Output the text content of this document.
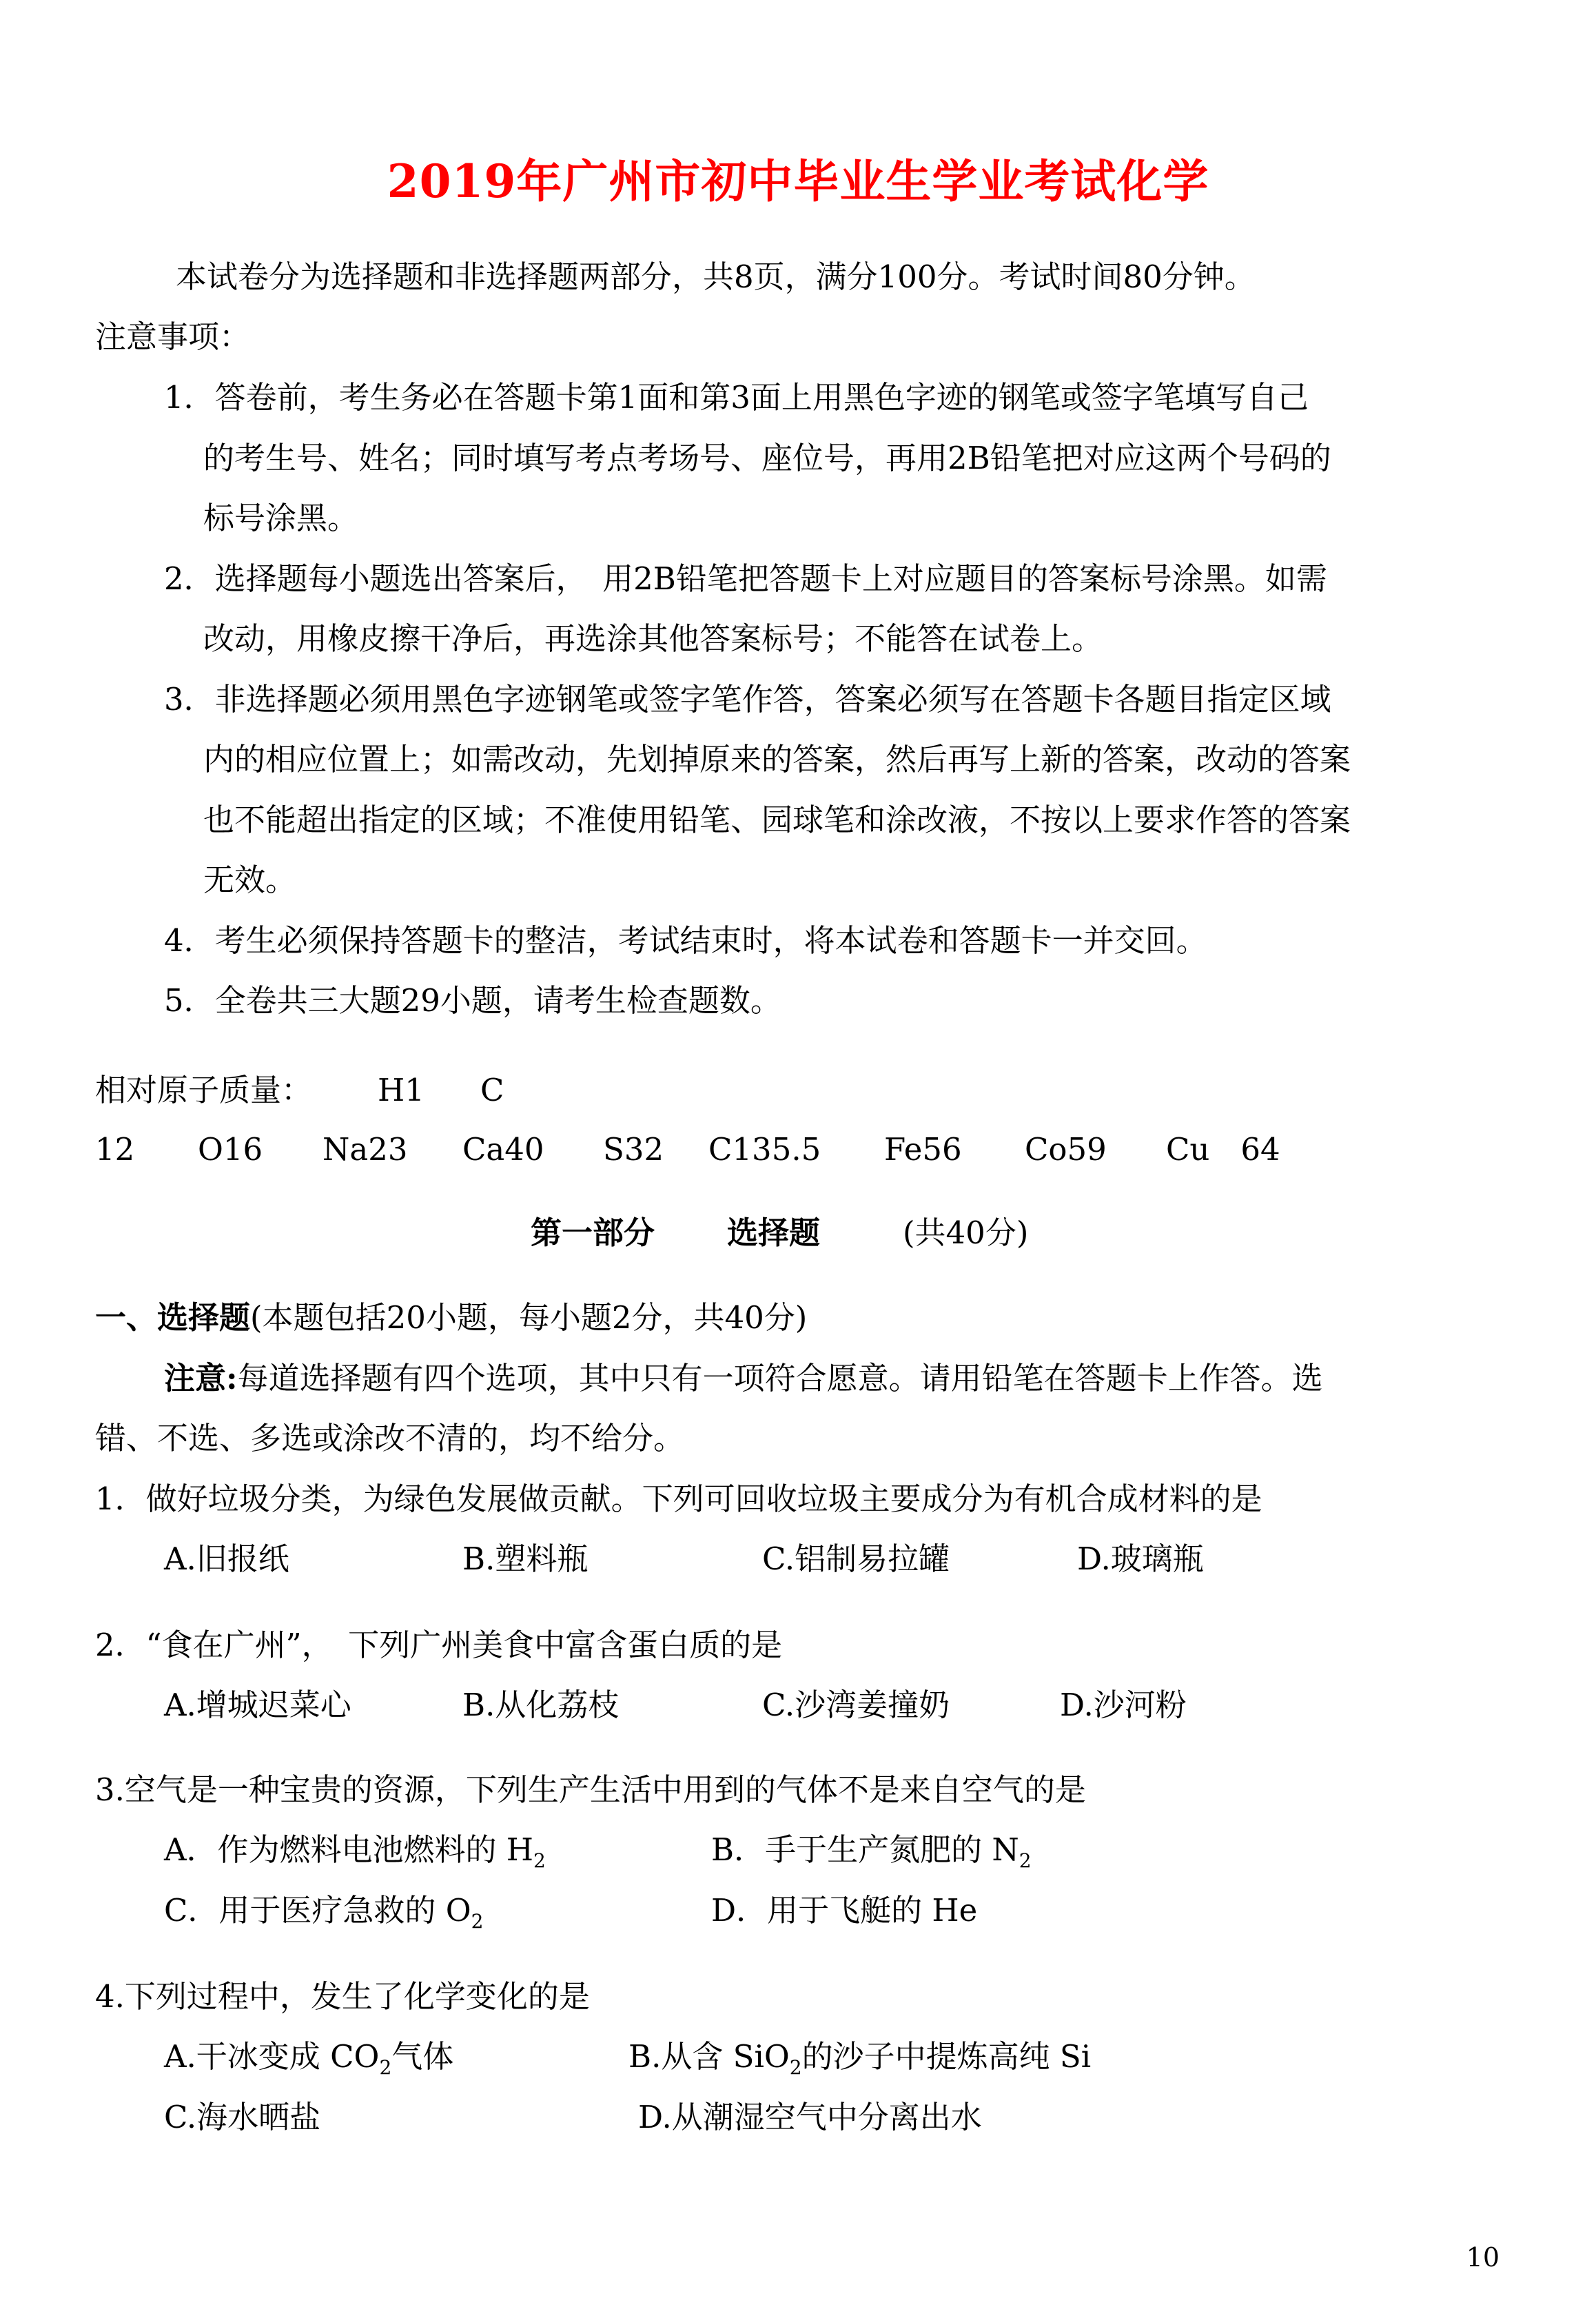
2019年广州市初中毕业生学业考试化学
本试卷分为选择题和非选择题两部分，共8页，满分100分。考试时间80分钟。
注意事项：
1．答卷前，考生务必在答题卡第1面和第3面上用黑色字迹的钢笔或签字笔填写自己
的考生号、姓名；同时填写考点考场号、座位号，再用2B铅笔把对应这两个号码的
标号涂黑。
2．选择题每小题选出答案后，　用2B铅笔把答题卡上对应题目的答案标号涂黑。如需
改动，用橡皮擦干净后，再选涂其他答案标号；不能答在试卷上。
3．非选择题必须用黑色字迹钢笔或签字笔作答，答案必须写在答题卡各题目指定区域
内的相应位置上；如需改动，先划掉原来的答案，然后再写上新的答案，改动的答案
也不能超出指定的区域；不准使用铅笔、园球笔和涂改液，不按以上要求作答的答案
无效。
4．考生必须保持答题卡的整洁，考试结束时，将本试卷和答题卡一并交回。
5．全卷共三大题29小题，请考生检查题数。
相对原子质量： H1 C
12 O16 Na23 Ca40 S32 C135.5 Fe56 Co59 Cu　64
第一部分 选择题	(共40分)
一、选择题(本题包括20小题，每小题2分，共40分)
注意:每道选择题有四个选项，其中只有一项符合愿意。请用铅笔在答题卡上作答。选
错、不选、多选或涂改不清的，均不给分。
1．做好垃圾分类，为绿色发展做贡献。下列可回收垃圾主要成分为有机合成材料的是
A.旧报纸	B.塑料瓶	C.铝制易拉罐	D.玻璃瓶
2．“食在广州”，　下列广州美食中富含蛋白质的是
A.增城迟菜心	B.从化荔枝	C.沙湾姜撞奶	D.沙河粉
3.空气是一种宝贵的资源，下列生产生活中用到的气体不是来自空气的是
A．作为燃料电池燃料的 $H_2$	B．手于生产氮肥的 $N_2$
C．用于医疗急救的 $O_2$	D．用于飞艇的 He
4.下列过程中，发生了化学变化的是
A.干冰变成 $CO_2$气体	B.从含 SiO$_2$的沙子中提炼高纯 Si
C.海水晒盐	D.从潮湿空气中分离出水
10
